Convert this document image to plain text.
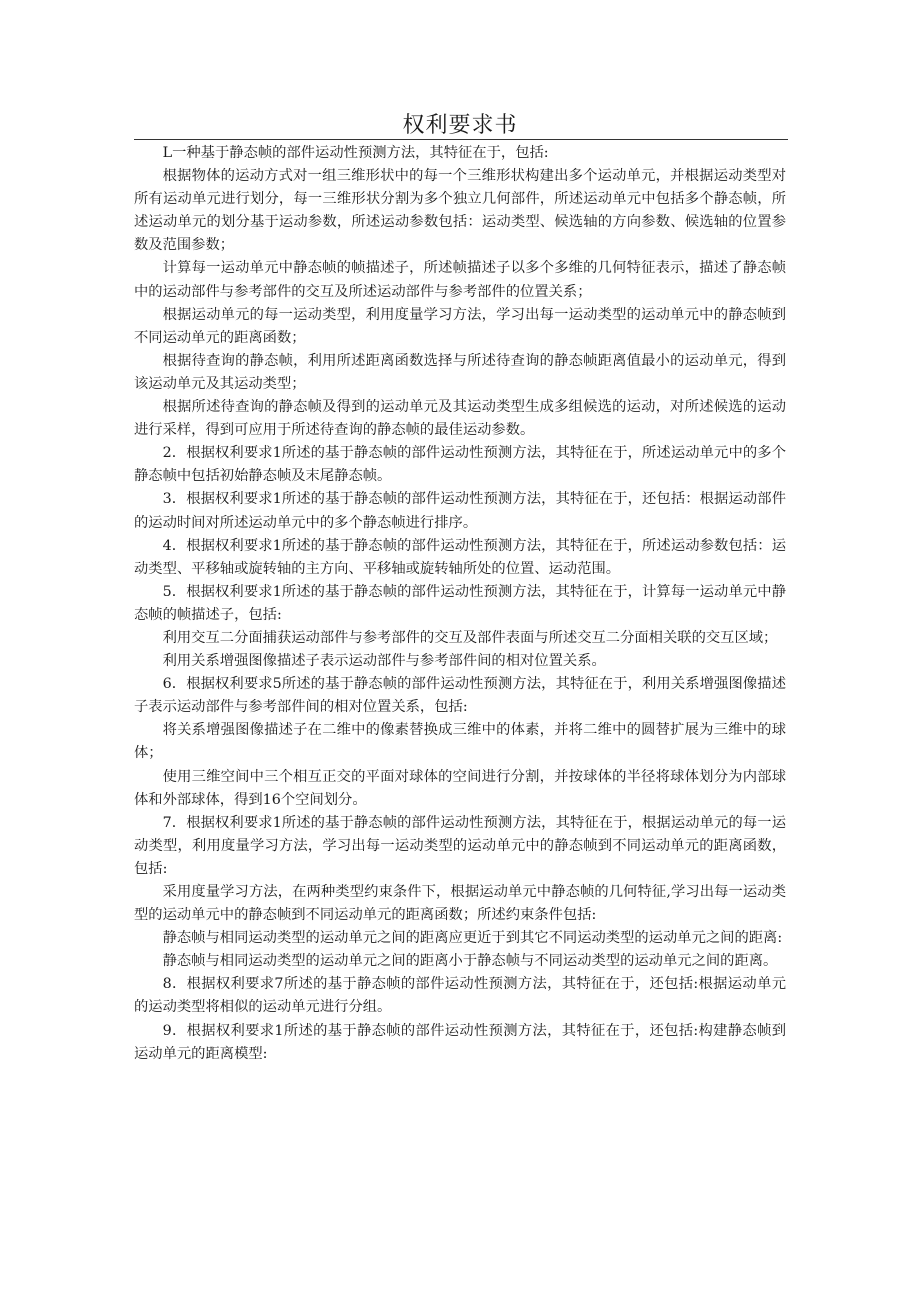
权利要求书

L一种基于静态帧的部件运动性预测方法，其特征在于，包括:

根据物体的运动方式对一组三维形状中的每一个三维形状构建出多个运动单元，并根据运动类型对所有运动单元进行划分，每一三维形状分割为多个独立几何部件，所述运动单元中包括多个静态帧，所述运动单元的划分基于运动参数，所述运动参数包括：运动类型、候选轴的方向参数、候选轴的位置参数及范围参数；

计算每一运动单元中静态帧的帧描述子，所述帧描述子以多个多维的几何特征表示，描述了静态帧中的运动部件与参考部件的交互及所述运动部件与参考部件的位置关系；

根据运动单元的每一运动类型，利用度量学习方法，学习出每一运动类型的运动单元中的静态帧到不同运动单元的距离函数；

根据待查询的静态帧，利用所述距离函数选择与所述待查询的静态帧距离值最小的运动单元，得到该运动单元及其运动类型；

根据所述待查询的静态帧及得到的运动单元及其运动类型生成多组候选的运动，对所述候选的运动进行采样，得到可应用于所述待查询的静态帧的最佳运动参数。

2．根据权利要求1所述的基于静态帧的部件运动性预测方法，其特征在于，所述运动单元中的多个静态帧中包括初始静态帧及末尾静态帧。

3．根据权利要求1所述的基于静态帧的部件运动性预测方法，其特征在于，还包括：根据运动部件的运动时间对所述运动单元中的多个静态帧进行排序。

4．根据权利要求1所述的基于静态帧的部件运动性预测方法，其特征在于，所述运动参数包括：运动类型、平移轴或旋转轴的主方向、平移轴或旋转轴所处的位置、运动范围。

5．根据权利要求1所述的基于静态帧的部件运动性预测方法，其特征在于，计算每一运动单元中静态帧的帧描述子，包括:

利用交互二分面捕获运动部件与参考部件的交互及部件表面与所述交互二分面相关联的交互区域；

利用关系增强图像描述子表示运动部件与参考部件间的相对位置关系。

6．根据权利要求5所述的基于静态帧的部件运动性预测方法，其特征在于，利用关系增强图像描述子表示运动部件与参考部件间的相对位置关系，包括:

将关系增强图像描述子在二维中的像素替换成三维中的体素，并将二维中的圆替扩展为三维中的球体；

使用三维空间中三个相互正交的平面对球体的空间进行分割，并按球体的半径将球体划分为内部球体和外部球体，得到16个空间划分。

7．根据权利要求1所述的基于静态帧的部件运动性预测方法，其特征在于，根据运动单元的每一运动类型，利用度量学习方法，学习出每一运动类型的运动单元中的静态帧到不同运动单元的距离函数，包括:

采用度量学习方法，在两种类型约束条件下，根据运动单元中静态帧的几何特征,学习出每一运动类型的运动单元中的静态帧到不同运动单元的距离函数；所述约束条件包括:

静态帧与相同运动类型的运动单元之间的距离应更近于到其它不同运动类型的运动单元之间的距离:

静态帧与相同运动类型的运动单元之间的距离小于静态帧与不同运动类型的运动单元之间的距离。

8．根据权利要求7所述的基于静态帧的部件运动性预测方法，其特征在于，还包括:根据运动单元的运动类型将相似的运动单元进行分组。

9．根据权利要求1所述的基于静态帧的部件运动性预测方法，其特征在于，还包括:构建静态帧到运动单元的距离模型:
